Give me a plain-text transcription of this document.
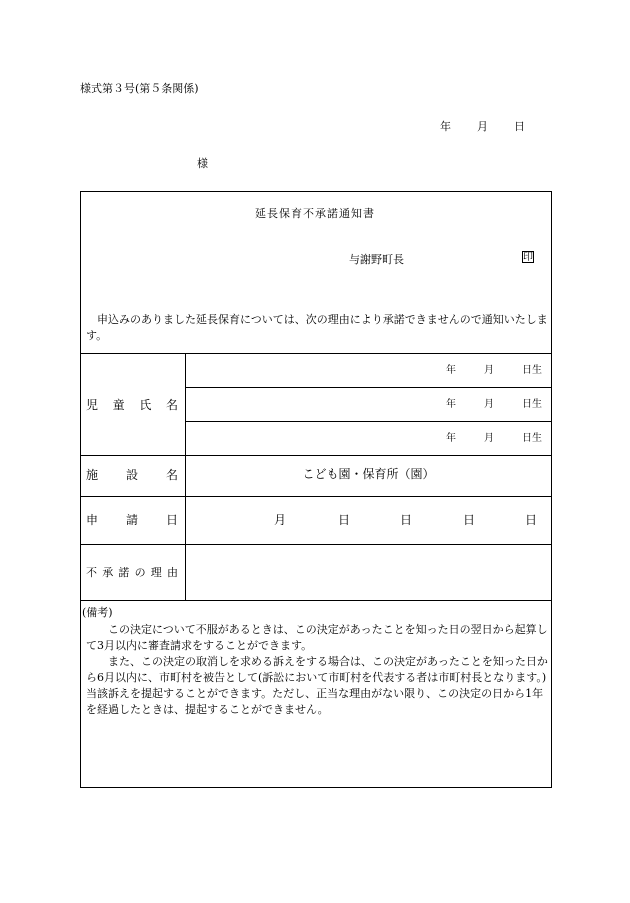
様式第３号(第５条関係)
年 月 日
様
延長保育不承諾通知書
与謝野町長	印
申込みのありました延長保育については、次の理由により承諾できませんので通知いたします。
児 童 氏 名
年	月	日生
年	月	日生
年	月	日生
施 設 名	こども園・保育所（園）
申 請 日	月	日	日	日	日
不 承 諾 の 理 由
(備考)
この決定について不服があるときは、この決定があったことを知った日の翌日から起算して3月以内に審査請求をすることができます。
また、この決定の取消しを求める訴えをする場合は、この決定があったことを知った日から6月以内に、市町村を被告として(訴訟において市町村を代表する者は市町村長となります。)当該訴えを提起することができます。ただし、正当な理由がない限り、この決定の日から1年を経過したときは、提起することができません。
